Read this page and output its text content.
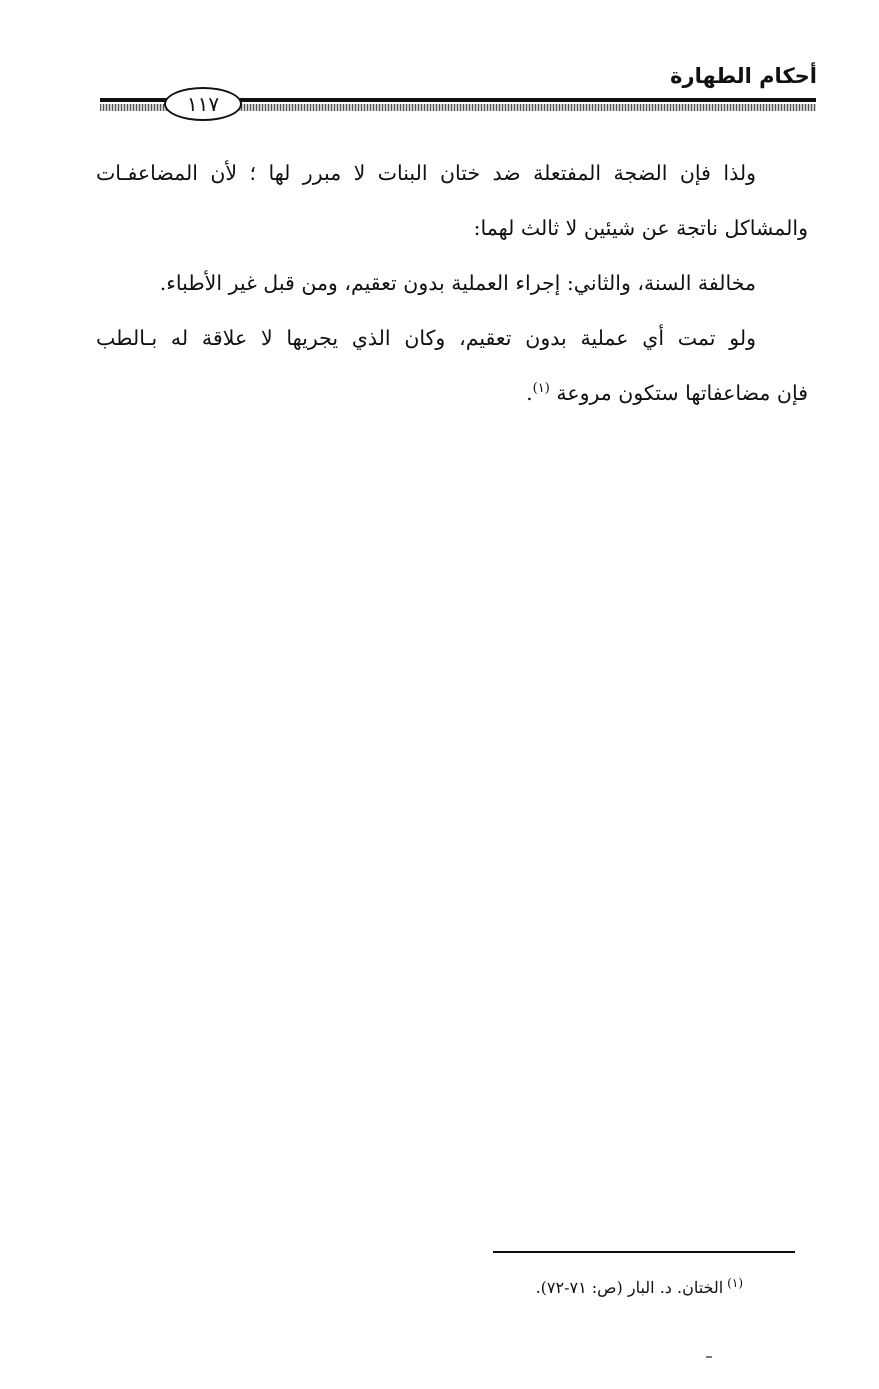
أحكام الطهارة
١١٧
ولذا فإن الضجة المفتعلة ضد ختان البنات لا مبرر لها ؛ لأن المضاعفـات
والمشاكل ناتجة عن شيئين لا ثالث لهما:
مخالفة السنة، والثاني: إجراء العملية بدون تعقيم، ومن قبل غير الأطباء.
ولو تمت أي عملية بدون تعقيم، وكان الذي يجريها لا علاقة له بـالطب
فإن مضاعفاتها ستكون مروعة $^{(١)}$.
$^{(١)}$الختان. د. البار (ص: ٧١-٧٢).
